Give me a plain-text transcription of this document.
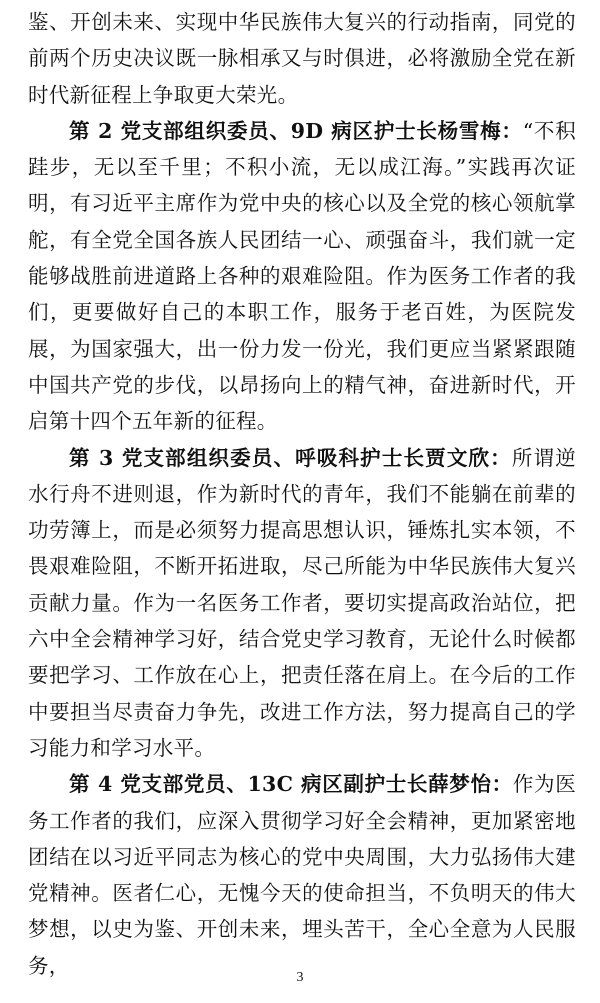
鉴、开创未来、实现中华民族伟大复兴的行动指南，同党的前两个历史决议既一脉相承又与时俱进，必将激励全党在新时代新征程上争取更大荣光。

第 2 党支部组织委员、9D 病区护士长杨雪梅：“不积跬步，无以至千里；不积小流，无以成江海。”实践再次证明，有习近平主席作为党中央的核心以及全党的核心领航掌舵，有全党全国各族人民团结一心、顽强奋斗，我们就一定能够战胜前进道路上各种的艰难险阻。作为医务工作者的我们，更要做好自己的本职工作，服务于老百姓，为医院发展，为国家强大，出一份力发一份光，我们更应当紧紧跟随中国共产党的步伐，以昂扬向上的精气神，奋进新时代，开启第十四个五年新的征程。

第 3 党支部组织委员、呼吸科护士长贾文欣：所谓逆水行舟不进则退，作为新时代的青年，我们不能躺在前辈的功劳簿上，而是必须努力提高思想认识，锤炼扎实本领，不畏艰难险阻，不断开拓进取，尽己所能为中华民族伟大复兴贡献力量。作为一名医务工作者，要切实提高政治站位，把六中全会精神学习好，结合党史学习教育，无论什么时候都要把学习、工作放在心上，把责任落在肩上。在今后的工作中要担当尽责奋力争先，改进工作方法，努力提高自己的学习能力和学习水平。

第 4 党支部党员、13C 病区副护士长薛梦怡：作为医务工作者的我们，应深入贯彻学习好全会精神，更加紧密地团结在以习近平同志为核心的党中央周围，大力弘扬伟大建党精神。医者仁心，无愧今天的使命担当，不负明天的伟大梦想，以史为鉴、开创未来，埋头苦干，全心全意为人民服务，	3
